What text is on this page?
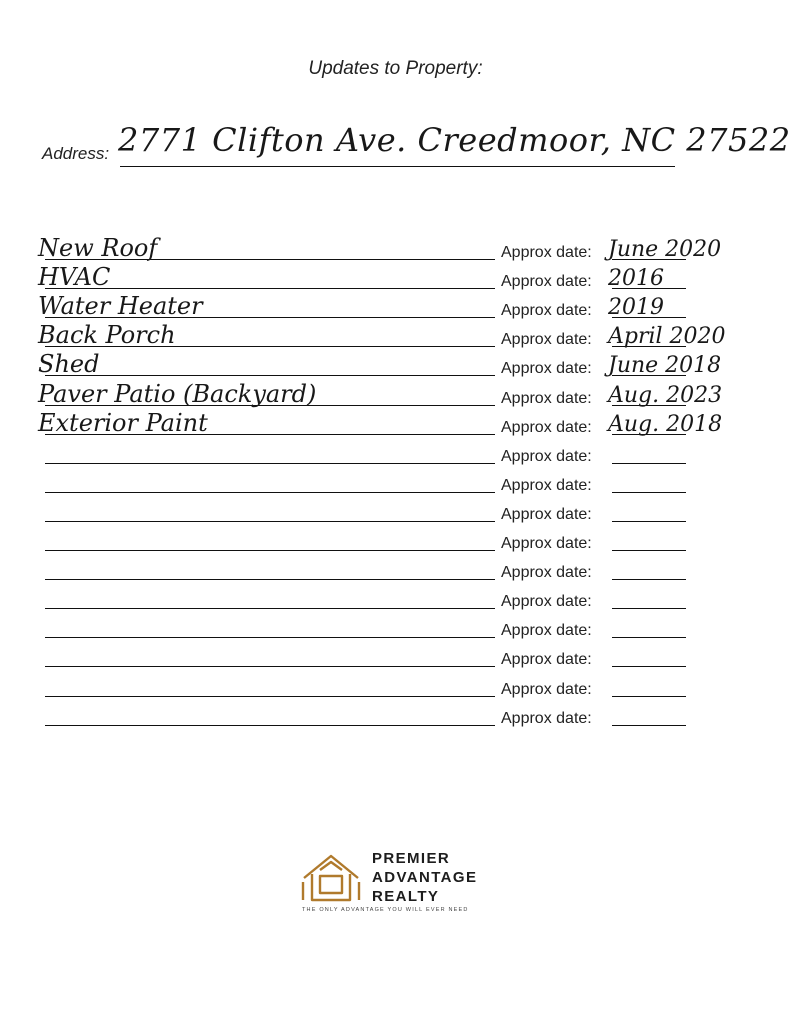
Updates to Property:
Address: 2771 Clifton Ave. Creedmoor, NC 27522
New Roof	Approx date: June 2020
HVAC	Approx date: 2016
Water Heater	Approx date: 2019
Back Porch	Approx date: April 2020
Shed	Approx date: June 2018
Paver Patio (Backyard)	Approx date: Aug. 2023
Exterior Paint	Approx date: Aug. 2018
Approx date:
Approx date:
Approx date:
Approx date:
Approx date:
Approx date:
Approx date:
Approx date:
Approx date:
Approx date:
PREMIER
ADVANTAGE
REALTY
THE ONLY ADVANTAGE YOU WILL EVER NEED
